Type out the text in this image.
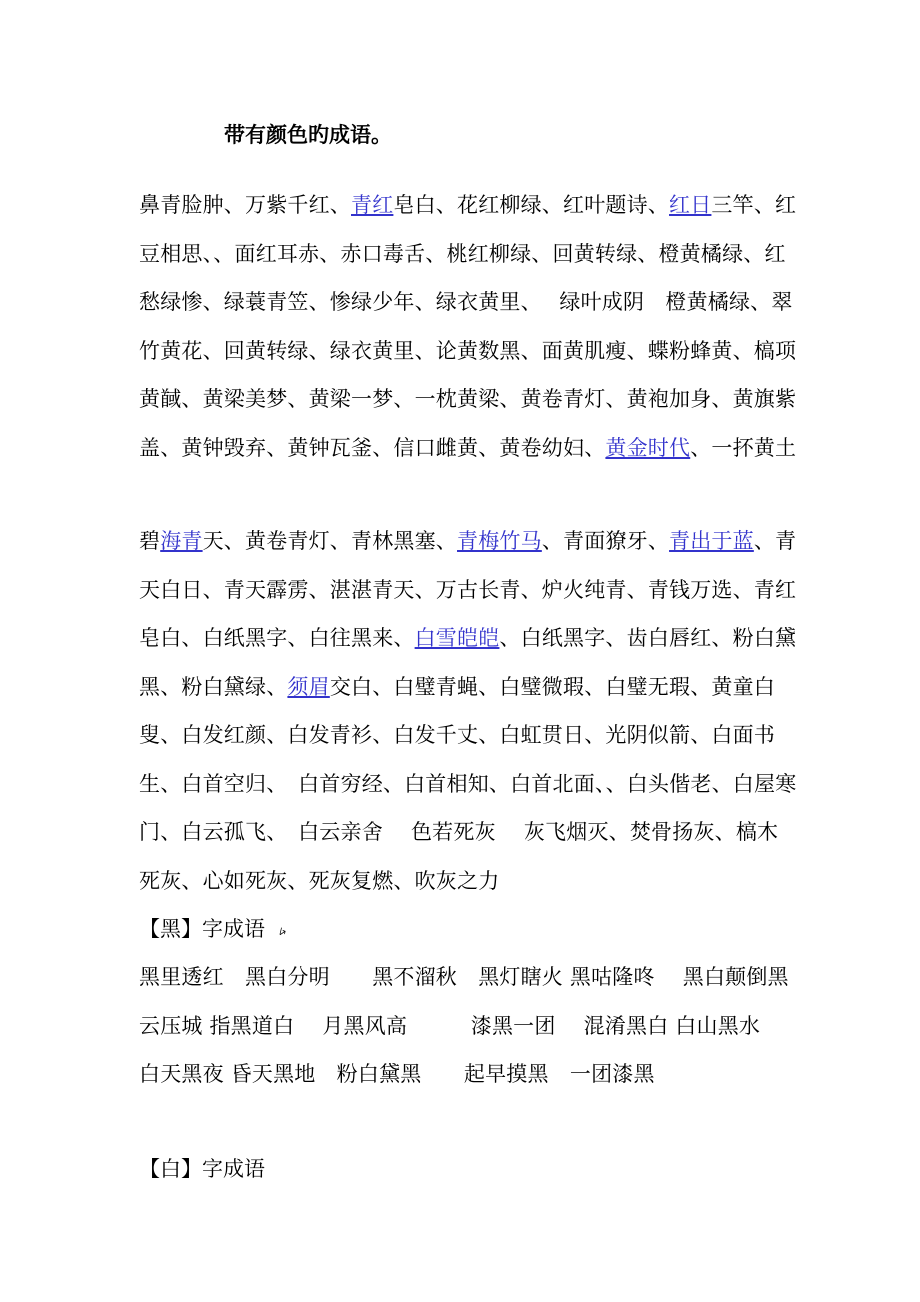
带有颜色旳成语。
鼻青脸肿、万紫千红、青红皂白、花红柳绿、红叶题诗、红日三竿、红豆相思、、面红耳赤、赤口毒舌、桃红柳绿、回黄转绿、橙黄橘绿、红愁绿惨、绿蓑青笠、惨绿少年、绿衣黄里、　 绿叶成阴　橙黄橘绿、翠竹黄花、回黄转绿、绿衣黄里、论黄数黑、面黄肌瘦、蝶粉蜂黄、槁项黄馘、黄梁美梦、黄梁一梦、一枕黄梁、黄卷青灯、黄袍加身、黄旗紫盖、黄钟毁弃、黄钟瓦釜、信口雌黄、黄卷幼妇、黄金时代、一抔黄土
碧海青天、黄卷青灯、青林黑塞、青梅竹马、青面獠牙、青出于蓝、青天白日、青天霹雳、湛湛青天、万古长青、炉火纯青、青钱万选、青红皂白、白纸黑字、白往黑来、白雪皑皑、白纸黑字、齿白唇红、粉白黛黑、粉白黛绿、须眉交白、白璧青蝇、白璧微瑕、白璧无瑕、黄童白叟、白发红颜、白发青衫、白发千丈、白虹贯日、光阴似箭、白面书生、白首空归、　白首穷经、白首相知、白首北面、、白头偕老、白屋寒门、白云孤飞、　白云亲舍　 色若死灰　 灰飞烟灭、焚骨扬灰、槁木死灰、心如死灰、死灰复燃、吹灰之力
【黑】字成语 ⭟
黑里透红　黑白分明　　黑不溜秋　黑灯瞎火 黑咕隆咚　 黑白颠倒黑云压城 指黑道白　 月黑风高　　　漆黑一团　 混淆黑白 白山黑水　白天黑夜 昏天黑地　粉白黛黑　　起早摸黑　一团漆黑
【白】字成语
